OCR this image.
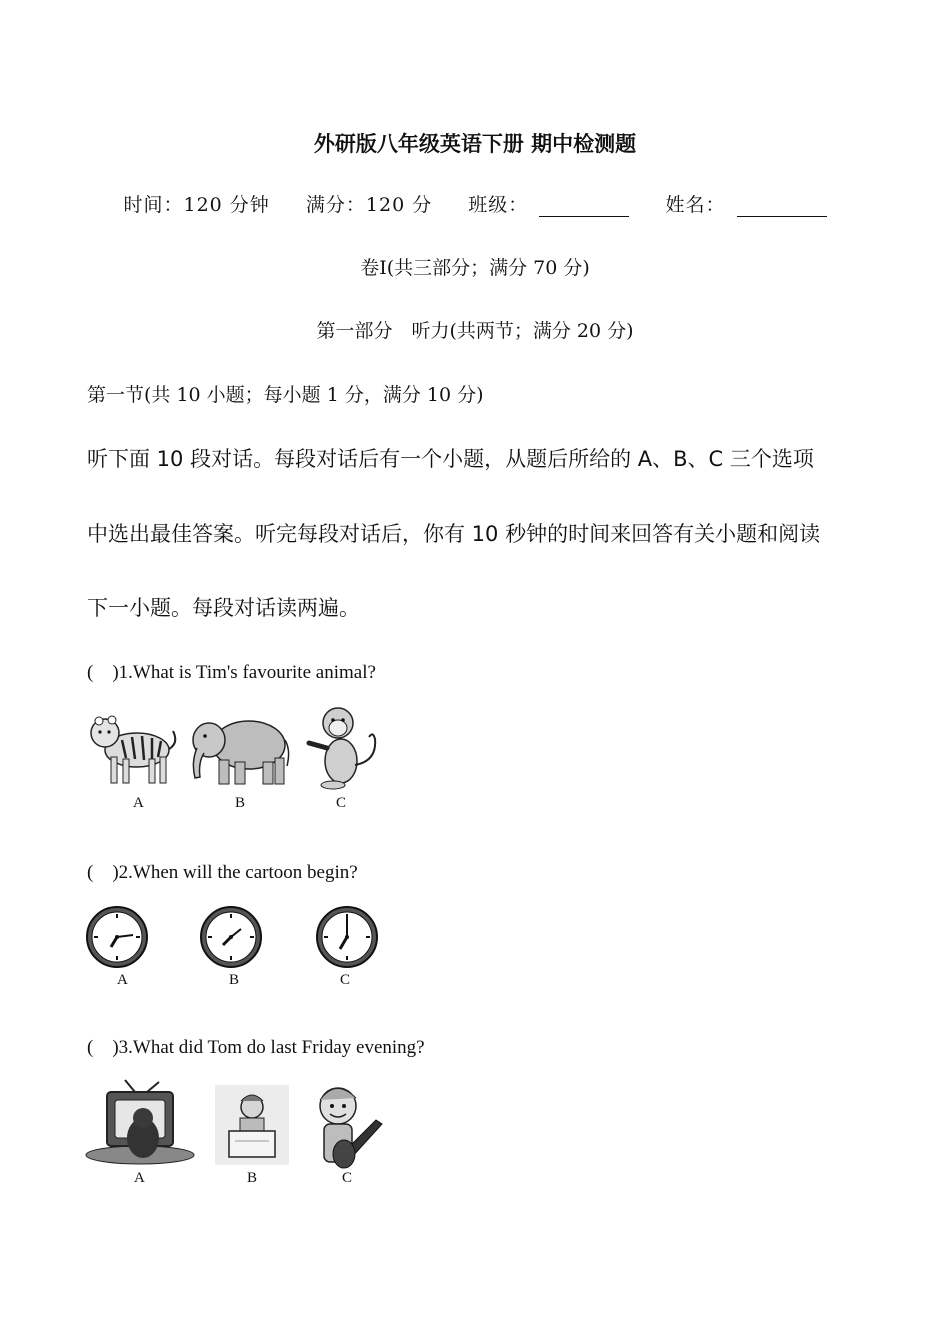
外研版八年级英语下册 期中检测题
时间：120 分钟 满分：120 分 班级：	姓名：
卷Ⅰ(共三部分；满分 70 分)
第一部分　听力(共两节；满分 20 分)
第一节(共 10 小题；每小题 1 分，满分 10 分)
听下面 10 段对话。每段对话后有一个小题，从题后所给的 A、B、C 三个选项
中选出最佳答案。听完每段对话后，你有 10 秒钟的时间来回答有关小题和阅读
下一小题。每段对话读两遍。
(　)1.What is Tim's favourite animal?
A	B	C
(　)2.When will the cartoon begin?
A	B	C
(　)3.What did Tom do last Friday evening?
A	B	C
